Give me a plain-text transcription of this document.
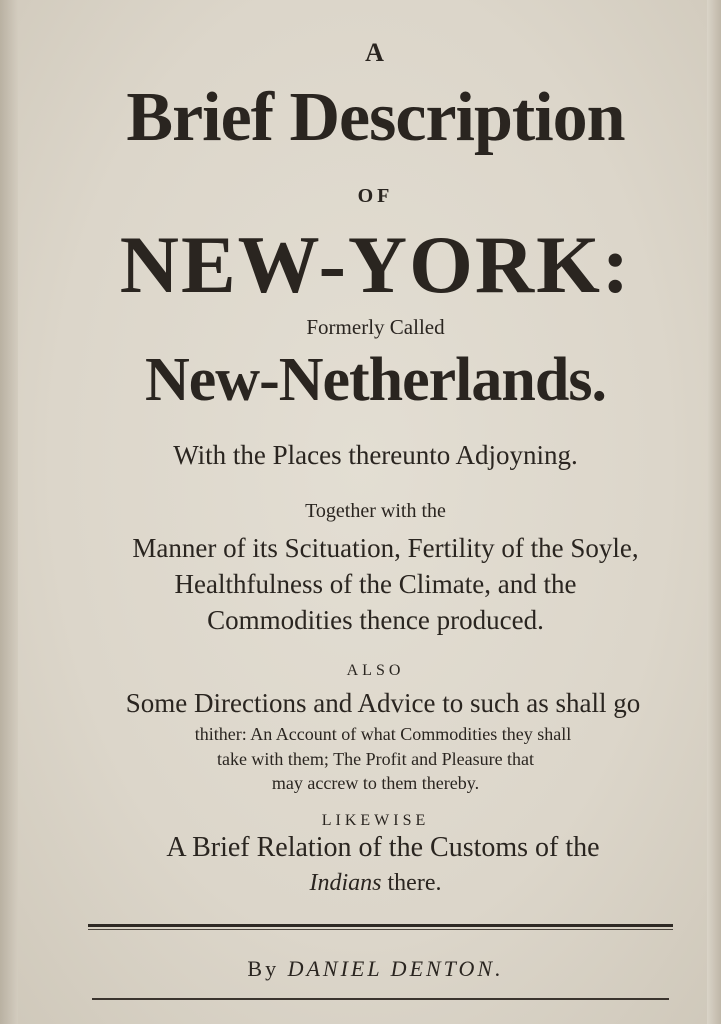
A
Brief Description
OF
NEW-YORK:
Formerly Called
New-Netherlands.
With the Places thereunto Adjoyning.
Together with the
Manner of its Scituation, Fertility of the Soyle,
Healthfulness of the Climate, and the
Commodities thence produced.
ALSO
Some Directions and Advice to such as shall go
thither: An Account of what Commodities they shall
take with them; The Profit and Pleasure that
may accrew to them thereby.
LIKEWISE
A Brief Relation of the Customs of the
Indians there.
By DANIEL DENTON.
